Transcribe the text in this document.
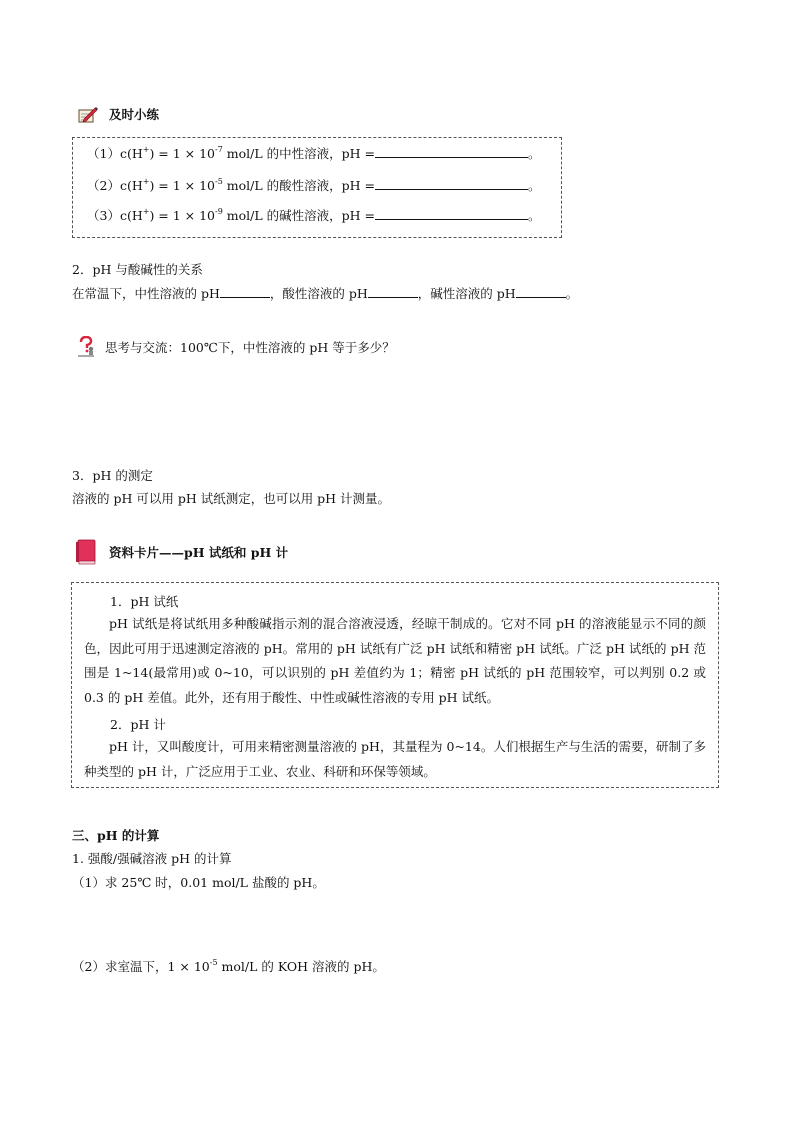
及时小练
$(1)c(H^+) = 1 \times 10^{-7}$ mol/L 的中性溶液，pH =	。
$(2)c(H^+) = 1 \times 10^{-5}$ mol/L 的酸性溶液，pH =	。
$(3)c(H^+) = 1 \times 10^{-9}$ mol/L 的碱性溶液，pH =	。
2．pH 与酸碱性的关系
在常温下，中性溶液的 pH	，酸性溶液的 pH	，碱性溶液的 pH	。
思考与交流：100℃下，中性溶液的 pH 等于多少？
3．pH 的测定
溶液的 pH 可以用 pH 试纸测定，也可以用 pH 计测量。
资料卡片——pH 试纸和 pH 计
1．pH 试纸
pH 试纸是将试纸用多种酸碱指示剂的混合溶液浸透，经晾干制成的。它对不同 pH 的溶液能显示不同的颜色，因此可用于迅速测定溶液的 pH。常用的 pH 试纸有广泛 pH 试纸和精密 pH 试纸。广泛 pH 试纸的 pH 范围是 1~14(最常用)或 0~10，可以识别的 pH 差值约为 1；精密 pH 试纸的 pH 范围较窄，可以判别 0.2 或 0.3 的 pH 差值。此外，还有用于酸性、中性或碱性溶液的专用 pH 试纸。
2．pH 计
pH 计，又叫酸度计，可用来精密测量溶液的 pH，其量程为 0~14。人们根据生产与生活的需要，研制了多种类型的 pH 计，广泛应用于工业、农业、科研和环保等领域。
三、pH 的计算
1. 强酸/强碱溶液 pH 的计算
（1）求 25℃ 时，0.01 mol/L 盐酸的 pH。
（2）求室温下，$1 \times 10^{-5}$ mol/L 的 KOH 溶液的 pH。
